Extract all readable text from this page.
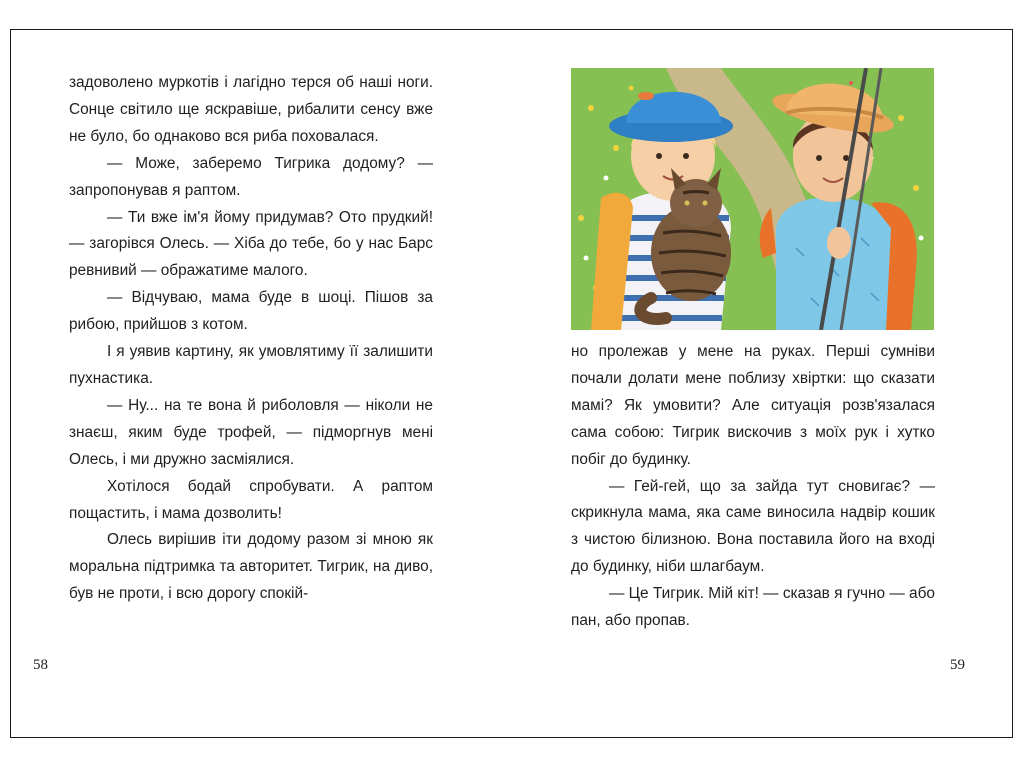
задоволено муркотів і лагідно терся об наші ноги. Сонце світило ще яскравіше, рибалити сенсу вже не було, бо однаково вся риба поховалася.

— Може, заберемо Тигрика додому? — запропонував я раптом.

— Ти вже ім'я йому придумав? Ото прудкий! — загорівся Олесь. — Хіба до тебе, бо у нас Барс ревнивий — ображатиме малого.

— Відчуваю, мама буде в шоці. Пішов за рибою, прийшов з котом.

І я уявив картину, як умовлятиму її залишити пухнастика.

— Ну... на те вона й риболовля — ніколи не знаєш, яким буде трофей, — підморгнув мені Олесь, і ми дружно засміялися.

Хотілося бодай спробувати. А раптом пощастить, і мама дозволить!

Олесь вирішив іти додому разом зі мною як моральна підтримка та авторитет. Тигрик, на диво, був не проти, і всю дорогу спокій-

но пролежав у мене на руках. Перші сумніви почали долати мене поблизу хвіртки: що сказати мамі? Як умовити? Але ситуація розв'язалася сама собою: Тигрик вискочив з моїх рук і хутко побіг до будинку.

— Гей-гей, що за зайда тут сновигає? — скрикнула мама, яка саме виносила надвір кошик з чистою білизною. Вона поставила його на вході до будинку, ніби шлагбаум.

— Це Тигрик. Мій кіт! — сказав я гучно — або пан, або пропав.

58	59
